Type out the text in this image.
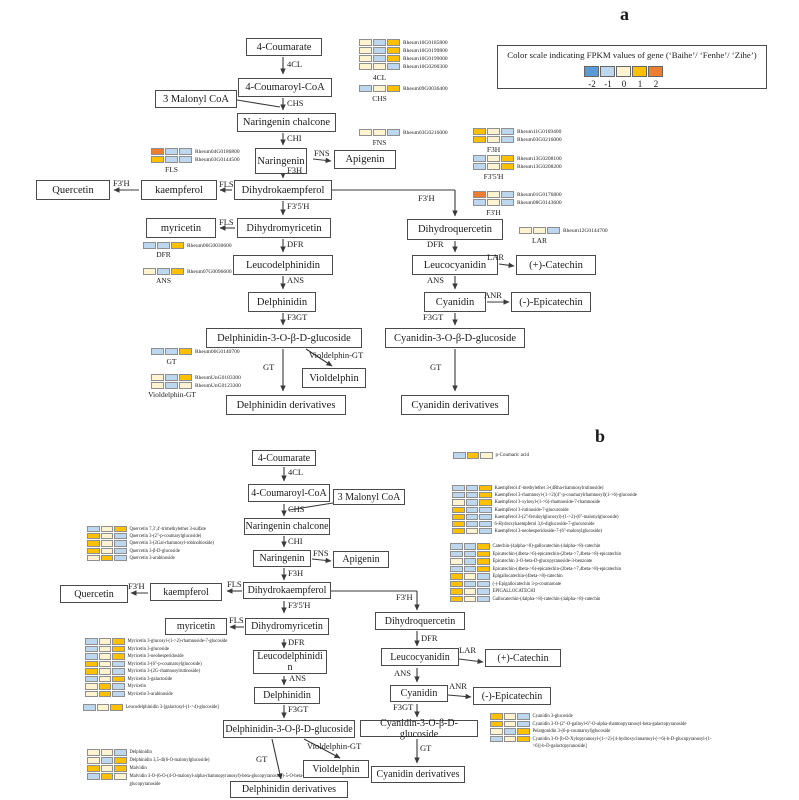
a
b
Color scale indicating FPKM values of gene (‘Baihe’/ ‘Fenhe’/ ‘Zihe’)
-2 -1	0	1	2
4-Coumarate
4-Coumaroyl-CoA
3 Malonyl CoA
Naringenin chalcone
Naringenin	Apigenin
Dihydrokaempferol
kaempferol
Quercetin
Dihydromyricetin
myricetin
Leucodelphinidin
Delphinidin
Delphinidin-3-O-β-D-glucoside
Violdelphin
Delphinidin derivatives
Dihydroquercetin
Leucocyanidin	(+)-Catechin
Cyanidin	(-)-Epicatechin
Cyanidin-3-O-β-D-glucoside
Cyanidin derivatives
4CL
CHS
CHI
FNS
F3H
FLS
F3'H
F3'5'H
FLS
DFR
ANS
F3GT
GT
Violdelphin-GT
F3'H
DFR
LAR
ANS
ANR
F3GT
GT
Rheum10G0185800
Rheum10G0199800
Rheum10G0199000
Rheum10G0200300
4CL
Rheum09G0036400
CHS
Rheum03G0216000
FNS
Rheum11G0169400
Rheum03G0216000
F3H
Rheum13G0208100
Rheum13G0208200
F3'5'H
Rheum01G0176800
Rheum08G0143600
F3'H
Rheum04G0186800
Rheum03G0144500
FLS
Rheum06G0030600
DFR
Rheum07G0096600
ANS
Rheum12G0144700
LAR
Rheum06G0140700
GT
RheumUnG0183300
RheumUnG0123300
Violdelphin-GT
4-Coumarate
4-Coumaroyl-CoA	3 Malonyl CoA
Naringenin chalcone
Naringenin	Apigenin
Dihydrokaempferol
kaempferol
Quercetin
Dihydromyricetin
myricetin
Leucodelphinidin
Delphinidin
Delphinidin-3-O-β-D-glucoside
Violdelphin
Delphinidin derivatives
Dihydroquercetin
Leucocyanidin	(+)-Catechin
Cyanidin	(-)-Epicatechin
Cyanidin-3-O-β-D-glucoside
Cyanidin derivatives
4CL
CHS
CHI
FNS
F3H
FLS
F3'H
F3'5'H
FLS
DFR
ANS
F3GT
GT
Violdelphin-GT
F3'H
DFR
LAR
ANS
ANR
F3GT
GT
p-Coumaric acid
Kaempferol 4'-methylether 3-(4Rha-rhamnosylrutinoside)
Kaempferol 3-rhamnosyl-(1->2)(4''-p-coumarylrhamnosyl)(1->6)-glucoside
Kaempferol 3-xylosyl-(1->6)-rhamnoside-7-rhamnoside
Kaempferol 3-rutinoside-7-glucuronide
Kaempferol 3-(2''-feruloylglucosyl)-(1->2)-(6''-malonylglucoside)
6-Hydroxykaempferol 3,6-diglucoside-7-glucuronide
Kaempferol 3-neohesperidoside-7-(6''-malonylglucoside)
Catechin-(4alpha->8)-gallocatechin-(4alpha->8)-catechin
Epicatechin-(4beta->6)-epicatechin-(2beta->7,4beta->8)-epicatechin
Epicatechin 3-O-beta-D-glucopyranoside-3-benzoate
Epicatechin-(4beta->6)-epicatechin-(2beta->7,4beta->8)-epicatechin
Epigallocatechin-(4beta->8)-catechin
(-)-Epigallocatechin 3-p-coumaroate
EPIGALLOCATECHI
Gallocatechin-(4alpha->8)-catechin-(4alpha->8)-catechin
Quercetin 7,3',4'-trimethylether 3-sulfate
Quercetin 3-(2''-p-coumarylglucoside)
Quercetin 3-(2Gal-rhamnosyl-robinobioside)
Quercetin 3-β-D-glucoside
Quercetin 3-arabinoside
Myricetin 3-glucosyl-(1->2)-rhamnoside-7-glucoside
Myricetin 3-glucoside
Myricetin 3-neohesperidoside
Myricetin 3-(6''-p-coumaroylglucoside)
Myricetin 3-(2G-rhamnosylrutinoside)
Myricetin 3-galactoside
Myricetin
Myricetin 3-arabinoside
Leucodelphinidin 3-[galactosyl-(1->4)-glucoside]
Delphinidin
Delphinidin 3,5-di(6-O-malonylglucoside)
Malvidin
Malvidin 3-O-(6-O-(4-O-malonyl-alpha-rhamnopyranosyl)-beta-glucopyranoside)-5-O-beta-glucopyranoside
Cyanidin 3-glucoside
Cyanidin 3-O-(2''-O-galloyl-6''-O-alpha-rhamnopyranosyl-beta-galactopyranoside
Pelargonidin 3-(6-p-coumaroyl)glucoside
Cyanidin 3-O-[b-D-Xylopyranosyl-(1->2)-[4-hydroxycinnamoyl-(->6)-b-D-glucopyranosyl-(1->6)]-b-D-galactopyranoside]
